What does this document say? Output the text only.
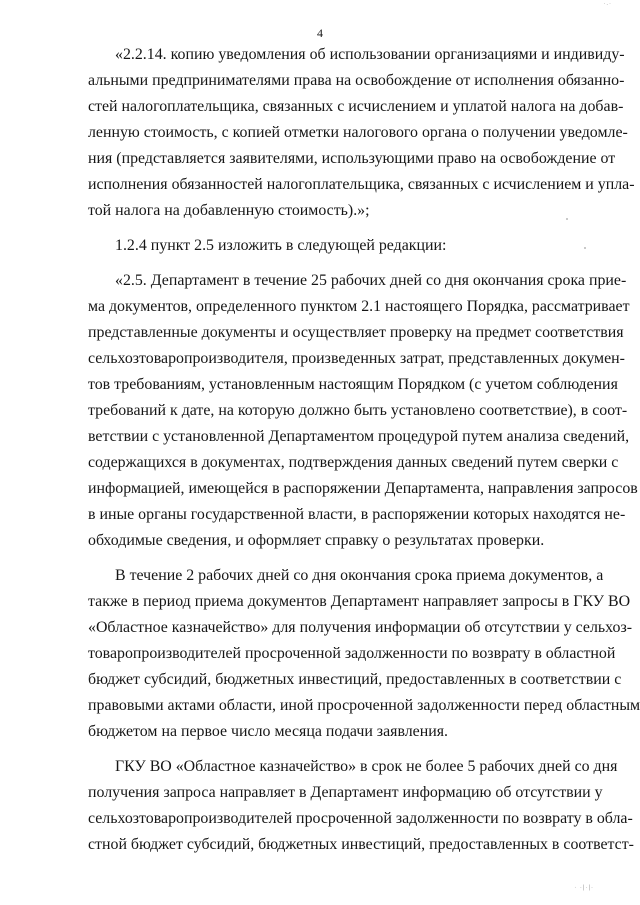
·.·
4

«2.2.14. копию уведомления об использовании организациями и индивиду-
альными предпринимателями права на освобождение от исполнения обязанно-
стей налогоплательщика, связанных с исчислением и уплатой налога на добав-
ленную стоимость, с копией отметки налогового органа о получении уведомле-
ния (представляется заявителями, использующими право на освобождение от
исполнения обязанностей налогоплательщика, связанных с исчислением и упла-
той налога на добавленную стоимость).»;

1.2.4 пункт 2.5 изложить в следующей редакции:

«2.5. Департамент в течение 25 рабочих дней со дня окончания срока прие-
ма документов, определенного пунктом 2.1 настоящего Порядка, рассматривает
представленные документы и осуществляет проверку на предмет соответствия
сельхозтоваропроизводителя, произведенных затрат, представленных докумен-
тов требованиям, установленным настоящим Порядком (с учетом соблюдения
требований к дате, на которую должно быть установлено соответствие), в соот-
ветствии с установленной Департаментом процедурой путем анализа сведений,
содержащихся в документах, подтверждения данных сведений путем сверки с
информацией, имеющейся в распоряжении Департамента, направления запросов
в иные органы государственной власти, в распоряжении которых находятся не-
обходимые сведения, и оформляет справку о результатах проверки.

В течение 2 рабочих дней со дня окончания срока приема документов, а
также в период приема документов Департамент направляет запросы в ГКУ ВО
«Областное казначейство» для получения информации об отсутствии у сельхоз-
товаропроизводителей просроченной задолженности по возврату в областной
бюджет субсидий, бюджетных инвестиций, предоставленных в соответствии с
правовыми актами области, иной просроченной задолженности перед областным
бюджетом на первое число месяца подачи заявления.

ГКУ ВО «Областное казначейство» в срок не более 5 рабочих дней со дня
получения запроса направляет в Департамент информацию об отсутствии у
сельхозтоваропроизводителей просроченной задолженности по возврату в обла-
стной бюджет субсидий, бюджетных инвестиций, предоставленных в соответст-

· ·|·|·
